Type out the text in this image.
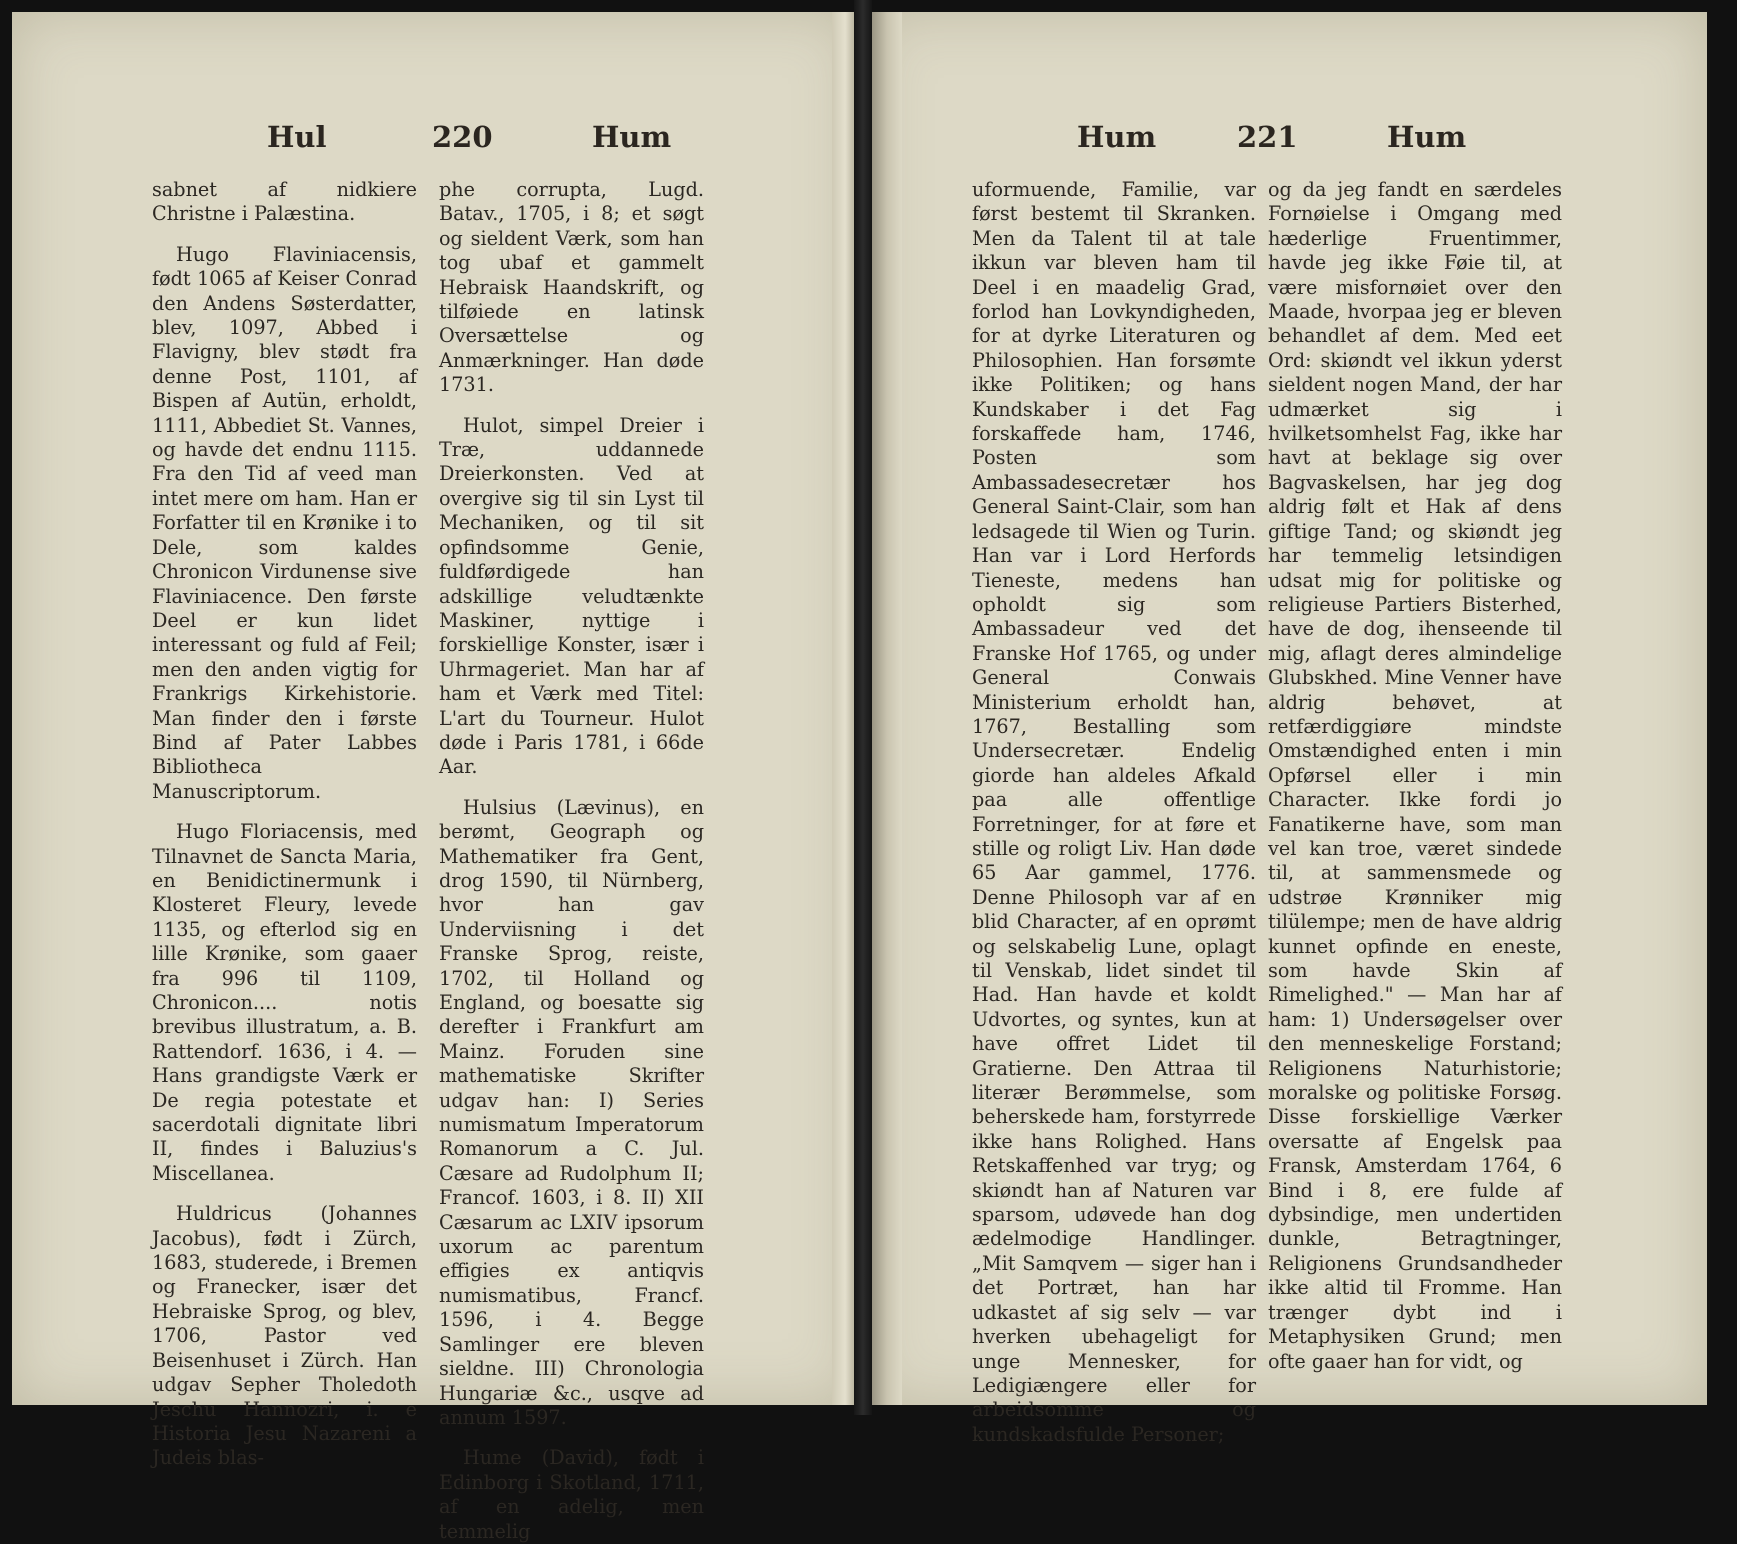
Hul	220	Hum

sabnet af nidkiere Christne i Palæstina.

Hugo Flaviniacensis, født 1065 af Keiser Conrad den Andens Søsterdatter, blev, 1097, Abbed i Flavigny, blev stødt fra denne Post, 1101, af Bispen af Autün, erholdt, 1111, Abbediet St. Vannes, og havde det endnu 1115. Fra den Tid af veed man intet mere om ham. Han er Forfatter til en Krønike i to Dele, som kaldes Chronicon Virdunense sive Flaviniacence. Den første Deel er kun lidet interessant og fuld af Feil; men den anden vigtig for Frankrigs Kirkehistorie. Man finder den i første Bind af Pater Labbes Bibliotheca Manuscriptorum.

Hugo Floriacensis, med Tilnavnet de Sancta Maria, en Benidictinermunk i Klosteret Fleury, levede 1135, og efterlod sig en lille Krønike, som gaaer fra 996 til 1109, Chronicon.... notis brevibus illustratum, a. B. Rattendorf. 1636, i 4. — Hans grandigste Værk er De regia potestate et sacerdotali dignitate libri II, findes i Baluzius's Miscellanea.

Huldricus (Johannes Jacobus), født i Zürch, 1683, studerede, i Bremen og Franecker, især det Hebraiske Sprog, og blev, 1706, Pastor ved Beisenhuset i Zürch. Han udgav Sepher Tholedoth Jeschu Hannozri, i. e Historia Jesu Nazareni a Judeis blas-

phe corrupta, Lugd. Batav., 1705, i 8; et søgt og sieldent Værk, som han tog ubaf et gammelt Hebraisk Haandskrift, og tilføiede en latinsk Oversættelse og Anmærkninger. Han døde 1731.

Hulot, simpel Dreier i Træ, uddannede Dreierkonsten. Ved at overgive sig til sin Lyst til Mechaniken, og til sit opfindsomme Genie, fuldførdigede han adskillige veludtænkte Maskiner, nyttige i forskiellige Konster, især i Uhrmageriet. Man har af ham et Værk med Titel: L'art du Tourneur. Hulot døde i Paris 1781, i 66de Aar.

Hulsius (Lævinus), en berømt, Geograph og Mathematiker fra Gent, drog 1590, til Nürnberg, hvor han gav Underviisning i det Franske Sprog, reiste, 1702, til Holland og England, og boesatte sig derefter i Frankfurt am Mainz. Foruden sine mathematiske Skrifter udgav han: I) Series numismatum Imperatorum Romanorum a C. Jul. Cæsare ad Rudolphum II; Francof. 1603, i 8. II) XII Cæsarum ac LXIV ipsorum uxorum ac parentum effigies ex antiqvis numismatibus, Francf. 1596, i 4. Begge Samlinger ere bleven sieldne. III) Chronologia Hungariæ &c., usqve ad annum 1597.

Hume (David), født i Edinborg i Skotland, 1711, af en adelig, men temmelig

Hum	221	Hum

uformuende, Familie, var først bestemt til Skranken. Men da Talent til at tale ikkun var bleven ham til Deel i en maadelig Grad, forlod han Lovkyndigheden, for at dyrke Literaturen og Philosophien. Han forsømte ikke Politiken; og hans Kundskaber i det Fag forskaffede ham, 1746, Posten som Ambassadesecretær hos General Saint-Clair, som han ledsagede til Wien og Turin. Han var i Lord Herfords Tieneste, medens han opholdt sig som Ambassadeur ved det Franske Hof 1765, og under General Conwais Ministerium erholdt han, 1767, Bestalling som Undersecretær. Endelig giorde han aldeles Afkald paa alle offentlige Forretninger, for at føre et stille og roligt Liv. Han døde 65 Aar gammel, 1776. Denne Philosoph var af en blid Character, af en oprømt og selskabelig Lune, oplagt til Venskab, lidet sindet til Had. Han havde et koldt Udvortes, og syntes, kun at have offret Lidet til Gratierne. Den Attraa til literær Berømmelse, som beherskede ham, forstyrrede ikke hans Rolighed. Hans Retskaffenhed var tryg; og skiøndt han af Naturen var sparsom, udøvede han dog ædelmodige Handlinger. „Mit Samqvem — siger han i det Portræt, han har udkastet af sig selv — var hverken ubehageligt for unge Mennesker, for Ledigiængere eller for arbeidsomme og kundskadsfulde Personer;

og da jeg fandt en særdeles Fornøielse i Omgang med hæderlige Fruentimmer, havde jeg ikke Føie til, at være misfornøiet over den Maade, hvorpaa jeg er bleven behandlet af dem. Med eet Ord: skiøndt vel ikkun yderst sieldent nogen Mand, der har udmærket sig i hvilketsomhelst Fag, ikke har havt at beklage sig over Bagvaskelsen, har jeg dog aldrig følt et Hak af dens giftige Tand; og skiøndt jeg har temmelig letsindigen udsat mig for politiske og religieuse Partiers Bisterhed, have de dog, ihenseende til mig, aflagt deres almindelige Glubskhed. Mine Venner have aldrig behøvet, at retfærdiggiøre mindste Omstændighed enten i min Opførsel eller i min Character. Ikke fordi jo Fanatikerne have, som man vel kan troe, været sindede til, at sammensmede og udstrøe Krønniker mig tilülempe; men de have aldrig kunnet opfinde en eneste, som havde Skin af Rimelighed." — Man har af ham: 1) Undersøgelser over den menneskelige Forstand; Religionens Naturhistorie; moralske og politiske Forsøg. Disse forskiellige Værker oversatte af Engelsk paa Fransk, Amsterdam 1764, 6 Bind i 8, ere fulde af dybsindige, men undertiden dunkle, Betragtninger, Religionens Grundsandheder ikke altid til Fromme. Han trænger dybt ind i Metaphysiken Grund; men ofte gaaer han for vidt, og
